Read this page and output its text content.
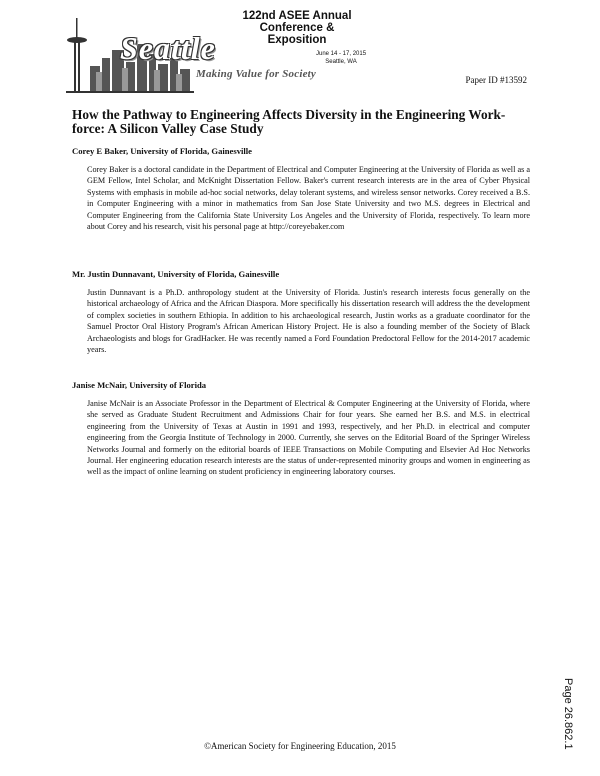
Seattle
Making Value for Society
122nd ASEE Annual Conference & Exposition
June 14 - 17, 2015
Seattle, WA
Paper ID #13592
How the Pathway to Engineering Affects Diversity in the Engineering Work-force: A Silicon Valley Case Study
Corey E Baker, University of Florida, Gainesville
Corey Baker is a doctoral candidate in the Department of Electrical and Computer Engineering at the University of Florida as well as a GEM Fellow, Intel Scholar, and McKnight Dissertation Fellow. Baker's current research interests are in the area of Cyber Physical Systems with emphasis in mobile ad-hoc social networks, delay tolerant systems, and wireless sensor networks. Corey received a B.S. in Computer Engineering with a minor in mathematics from San Jose State University and two M.S. degrees in Electrical and Computer Engineering from the California State University Los Angeles and the University of Florida, respectively. To learn more about Corey and his research, visit his personal page at http://coreyebaker.com
Mr. Justin Dunnavant, University of Florida, Gainesville
Justin Dunnavant is a Ph.D. anthropology student at the University of Florida. Justin's research interests focus generally on the historical archaeology of Africa and the African Diaspora. More specifically his dissertation research will address the the development of complex societies in southern Ethiopia. In addition to his archaeological research, Justin works as a graduate coordinator for the Samuel Proctor Oral History Program's African American History Project. He is also a founding member of the Society of Black Archaeologists and blogs for GradHacker. He was recently named a Ford Foundation Predoctoral Fellow for the 2014-2017 academic years.
Janise McNair, University of Florida
Janise McNair is an Associate Professor in the Department of Electrical & Computer Engineering at the University of Florida, where she served as Graduate Student Recruitment and Admissions Chair for four years. She earned her B.S. and M.S. in electrical engineering from the University of Texas at Austin in 1991 and 1993, respectively, and her Ph.D. in electrical and computer engineering from the Georgia Institute of Technology in 2000. Currently, she serves on the Editorial Board of the Springer Wireless Networks Journal and formerly on the editorial boards of IEEE Transactions on Mobile Computing and Elsevier Ad Hoc Networks Journal. Her engineering education research interests are the status of under-represented minority groups and women in engineering as well as the impact of online learning on student proficiency in engineering laboratory courses.
Page 26.862.1
©American Society for Engineering Education, 2015
